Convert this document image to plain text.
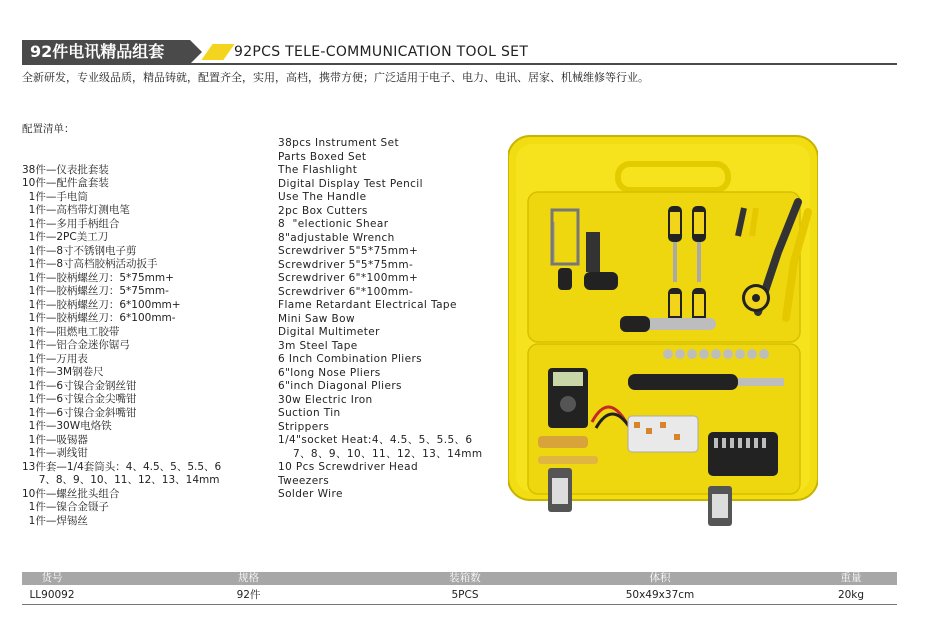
92件电讯精品组套	92PCS TELE-COMMUNICATION TOOL SET
全新研发，专业级品质，精品铸就，配置齐全，实用，高档，携带方便；广泛适用于电子、电力、电讯、居家、机械维修等行业。

配置清单：

38件—仪表批套装
10件—配件盒套装
1件—手电筒
1件—高档带灯测电笔
1件—多用手柄组合
1件—2PC美工刀
1件—8寸不锈钢电子剪
1件—8寸高档胶柄活动扳手
1件—胶柄螺丝刀：5*75mm+
1件—胶柄螺丝刀：5*75mm-
1件—胶柄螺丝刀：6*100mm+
1件—胶柄螺丝刀：6*100mm-
1件—阻燃电工胶带
1件—铝合金迷你锯弓
1件—万用表
1件—3M钢卷尺
1件—6寸镍合金钢丝钳
1件—6寸镍合金尖嘴钳
1件—6寸镍合金斜嘴钳
1件—30W电烙铁
1件—吸锡器
1件—剥线钳
13件套—1/4套筒头：4、4.5、5、5.5、6
7、8、9、10、11、12、13、14mm
10件—螺丝批头组合
1件—镍合金镊子
1件—焊锡丝

38pcs Instrument Set
Parts Boxed Set
The Flashlight
Digital Display Test Pencil
Use The Handle
2pc Box Cutters
8  "electionic Shear
8"adjustable Wrench
Screwdriver 5"5*75mm+
Screwdriver 5"5*75mm-
Screwdriver 6"*100mm+
Screwdriver 6"*100mm-
Flame Retardant Electrical Tape
Mini Saw Bow
Digital Multimeter
3m Steel Tape
6 Inch Combination Pliers
6"long Nose Pliers
6"inch Diagonal Pliers
30w Electric Iron
Suction Tin
Strippers
1/4"socket Heat:4、4.5、5、5.5、6
7、8、9、10、11、12、13、14mm
10 Pcs Screwdriver Head
Tweezers
Solder Wire

货号	规格	装箱数	体积	重量
LL90092	92件	5PCS	50x49x37cm	20kg
